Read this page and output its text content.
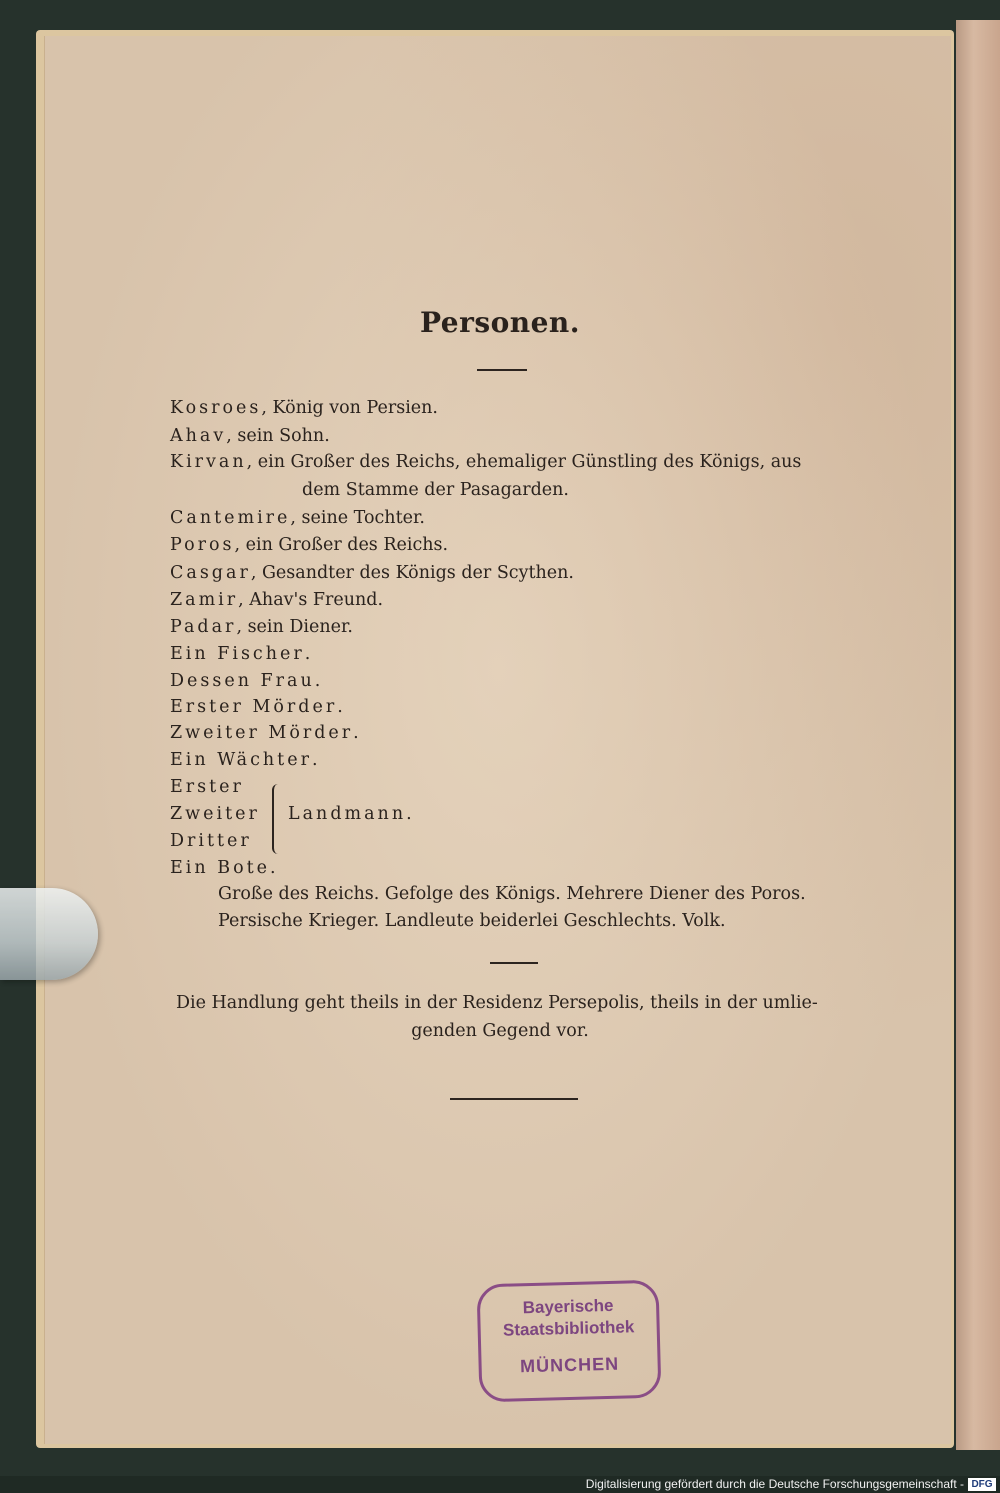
Personen.
Kosroes, König von Persien.
Ahav, sein Sohn.
Kirvan, ein Großer des Reichs, ehemaliger Günstling des Königs, aus
dem Stamme der Pasagarden.
Cantemire, seine Tochter.
Poros, ein Großer des Reichs.
Casgar, Gesandter des Königs der Scythen.
Zamir, Ahav's Freund.
Padar, sein Diener.
Ein Fischer.
Dessen Frau.
Erster Mörder.
Zweiter Mörder.
Ein Wächter.
Erster
Zweiter
Dritter
Landmann.
Ein Bote.
Große des Reichs. Gefolge des Königs. Mehrere Diener des Poros.
Persische Krieger. Landleute beiderlei Geschlechts. Volk.
Die Handlung geht theils in der Residenz Persepolis, theils in der umlie-
genden Gegend vor.
Bayerische
Staatsbibliothek
MÜNCHEN
Digitalisierung gefördert durch die Deutsche Forschungsgemeinschaft - DFG
